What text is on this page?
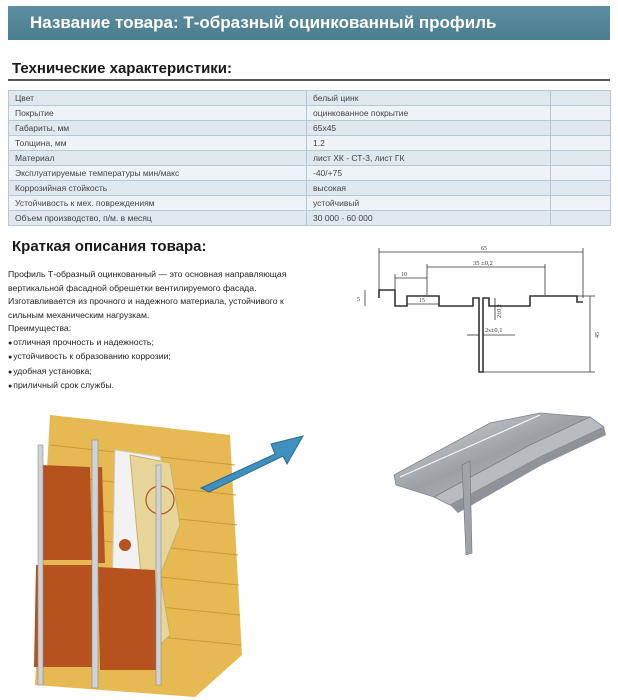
Название товара: Т-образный оцинкованный профиль
Технические характеристики:
Цвет	белый цинк	
Покрытие	оцинкованное покрытие	
Габариты, мм	65x45	
Толщина, мм	1.2	
Материал	лист ХК - СТ-3, лист ГК	
Эксплуатируемые температуры мин/макс	-40/+75	
Коррозийная стойкость	высокая	
Устойчивость к мех. повреждениям	устойчивый	
Объем производство, п/м. в месяц	30 000 - 60 000	
Краткая описания товара:

Профиль Т-образный оцинкованный — это основная направляющая вертикальной фасадной обрешетки вентилируемого фасада. Изготавливается из прочного и надежного материала, устойчивого к сильным механическим нагрузкам.

Преимущества:

● отличная прочность и надежность;
● устойчивость к образованию коррозии;
● удобная установка;
● приличный срок службы.
65
35 ±0,2
10
15
5
2±0,2
2s±0,1
45
